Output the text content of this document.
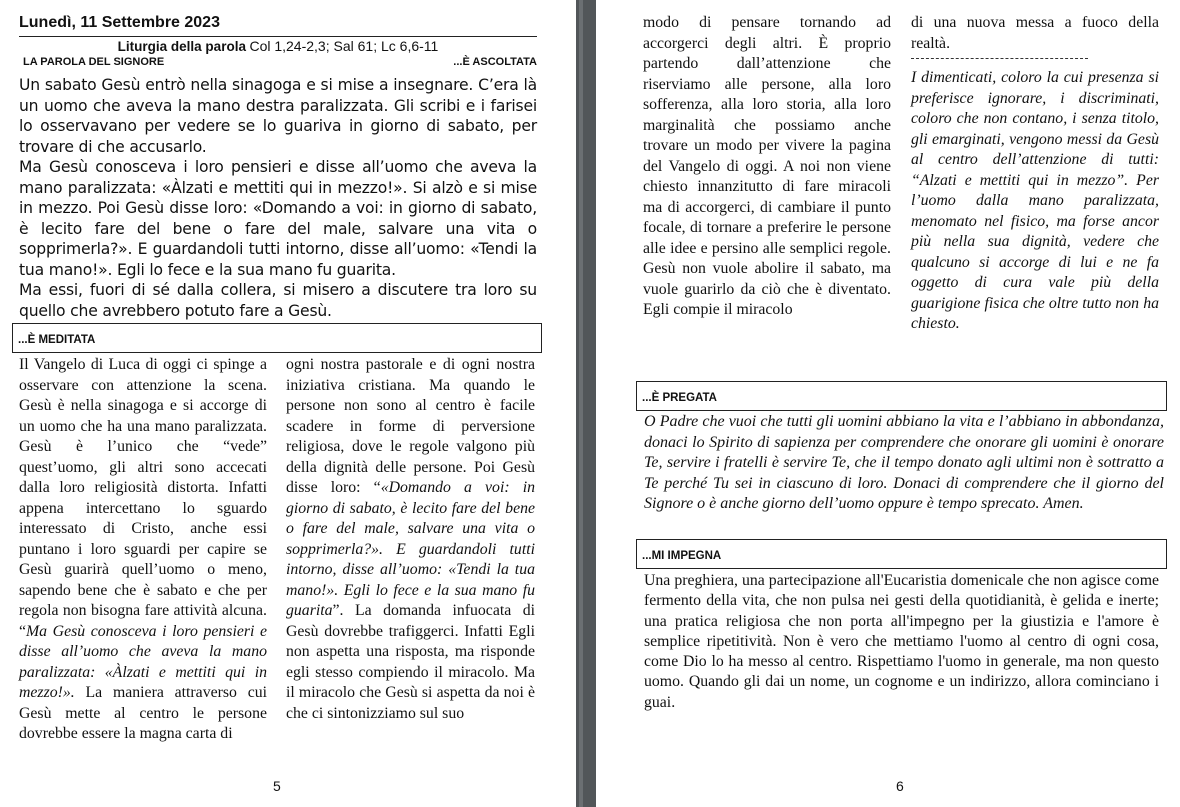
Lunedì, 11 Settembre 2023
Liturgia della parola Col 1,24-2,3; Sal 61; Lc 6,6-11
LA PAROLA DEL SIGNORE	...È ASCOLTATA

Un sabato Gesù entrò nella sinagoga e si mise a insegnare. C’era là un uomo che aveva la mano destra paralizzata. Gli scribi e i farisei lo osservavano per vedere se lo guariva in giorno di sabato, per trovare di che accusarlo.

Ma Gesù conosceva i loro pensieri e disse all’uomo che aveva la mano paralizzata: «Àlzati e mettiti qui in mezzo!». Si alzò e si mise in mezzo. Poi Gesù disse loro: «Domando a voi: in giorno di sabato, è lecito fare del bene o fare del male, salvare una vita o sopprimerla?». E guardandoli tutti intorno, disse all’uomo: «Tendi la tua mano!». Egli lo fece e la sua mano fu guarita.

Ma essi, fuori di sé dalla collera, si misero a discutere tra loro su quello che avrebbero potuto fare a Gesù.

...È MEDITATA
Il Vangelo di Luca di oggi ci spinge a osservare con attenzione la scena. Gesù è nella sinagoga e si accorge di un uomo che ha una mano paralizzata. Gesù è l’unico che “vede” quest’uomo, gli altri sono accecati dalla loro religiosità distorta. Infatti appena intercettano lo sguardo interessato di Cristo, anche essi puntano i loro sguardi per capire se Gesù guarirà quell’uomo o meno, sapendo bene che è sabato e che per regola non bisogna fare attività alcuna. “Ma Gesù conosceva i loro pensieri e disse all’uomo che aveva la mano paralizzata: «Àlzati e mettiti qui in mezzo!». La maniera attraverso cui Gesù mette al centro le persone dovrebbe essere la magna carta di
ogni nostra pastorale e di ogni nostra iniziativa cristiana. Ma quando le persone non sono al centro è facile scadere in forme di perversione religiosa, dove le regole valgono più della dignità delle persone. Poi Gesù disse loro: “«Domando a voi: in giorno di sabato, è lecito fare del bene o fare del male, salvare una vita o sopprimerla?». E guardandoli tutti intorno, disse all’uomo: «Tendi la tua mano!». Egli lo fece e la sua mano fu guarita”. La domanda infuocata di Gesù dovrebbe trafiggerci. Infatti Egli non aspetta una risposta, ma risponde egli stesso compiendo il miracolo. Ma il miracolo che Gesù si aspetta da noi è che ci sintonizziamo sul suo
5
modo di pensare tornando ad accorgerci degli altri. È proprio partendo dall’attenzione che riserviamo alle persone, alla loro sofferenza, alla loro storia, alla loro marginalità che possiamo anche trovare un modo per vivere la pagina del Vangelo di oggi. A noi non viene chiesto innanzitutto di fare miracoli ma di accorgerci, di cambiare il punto focale, di tornare a preferire le persone alle idee e persino alle semplici regole. Gesù non vuole abolire il sabato, ma vuole guarirlo da ciò che è diventato. Egli compie il miracolo
di una nuova messa a fuoco della realtà.
I dimenticati, coloro la cui presenza si preferisce ignorare, i discriminati, coloro che non contano, i senza titolo, gli emarginati, vengono messi da Gesù al centro dell’attenzione di tutti: “Alzati e mettiti qui in mezzo”. Per l’uomo dalla mano paralizzata, menomato nel fisico, ma forse ancor più nella sua dignità, vedere che qualcuno si accorge di lui e ne fa oggetto di cura vale più della guarigione fisica che oltre tutto non ha chiesto.
...È PREGATA
O Padre che vuoi che tutti gli uomini abbiano la vita e l’abbiano in abbondanza, donaci lo Spirito di sapienza per comprendere che onorare gli uomini è onorare Te, servire i fratelli è servire Te, che il tempo donato agli ultimi non è sottratto a Te perché Tu sei in ciascuno di loro. Donaci di comprendere che il giorno del Signore o è anche giorno dell’uomo oppure è tempo sprecato. Amen.
...MI IMPEGNA
Una preghiera, una partecipazione all'Eucaristia domenicale che non agisce come fermento della vita, che non pulsa nei gesti della quotidianità, è gelida e inerte; una pratica religiosa che non porta all'impegno per la giustizia e l'amore è semplice ripetitività. Non è vero che mettiamo l'uomo al centro di ogni cosa, come Dio lo ha messo al centro. Rispettiamo l'uomo in generale, ma non questo uomo. Quando gli dai un nome, un cognome e un indirizzo, allora cominciano i guai.
6
